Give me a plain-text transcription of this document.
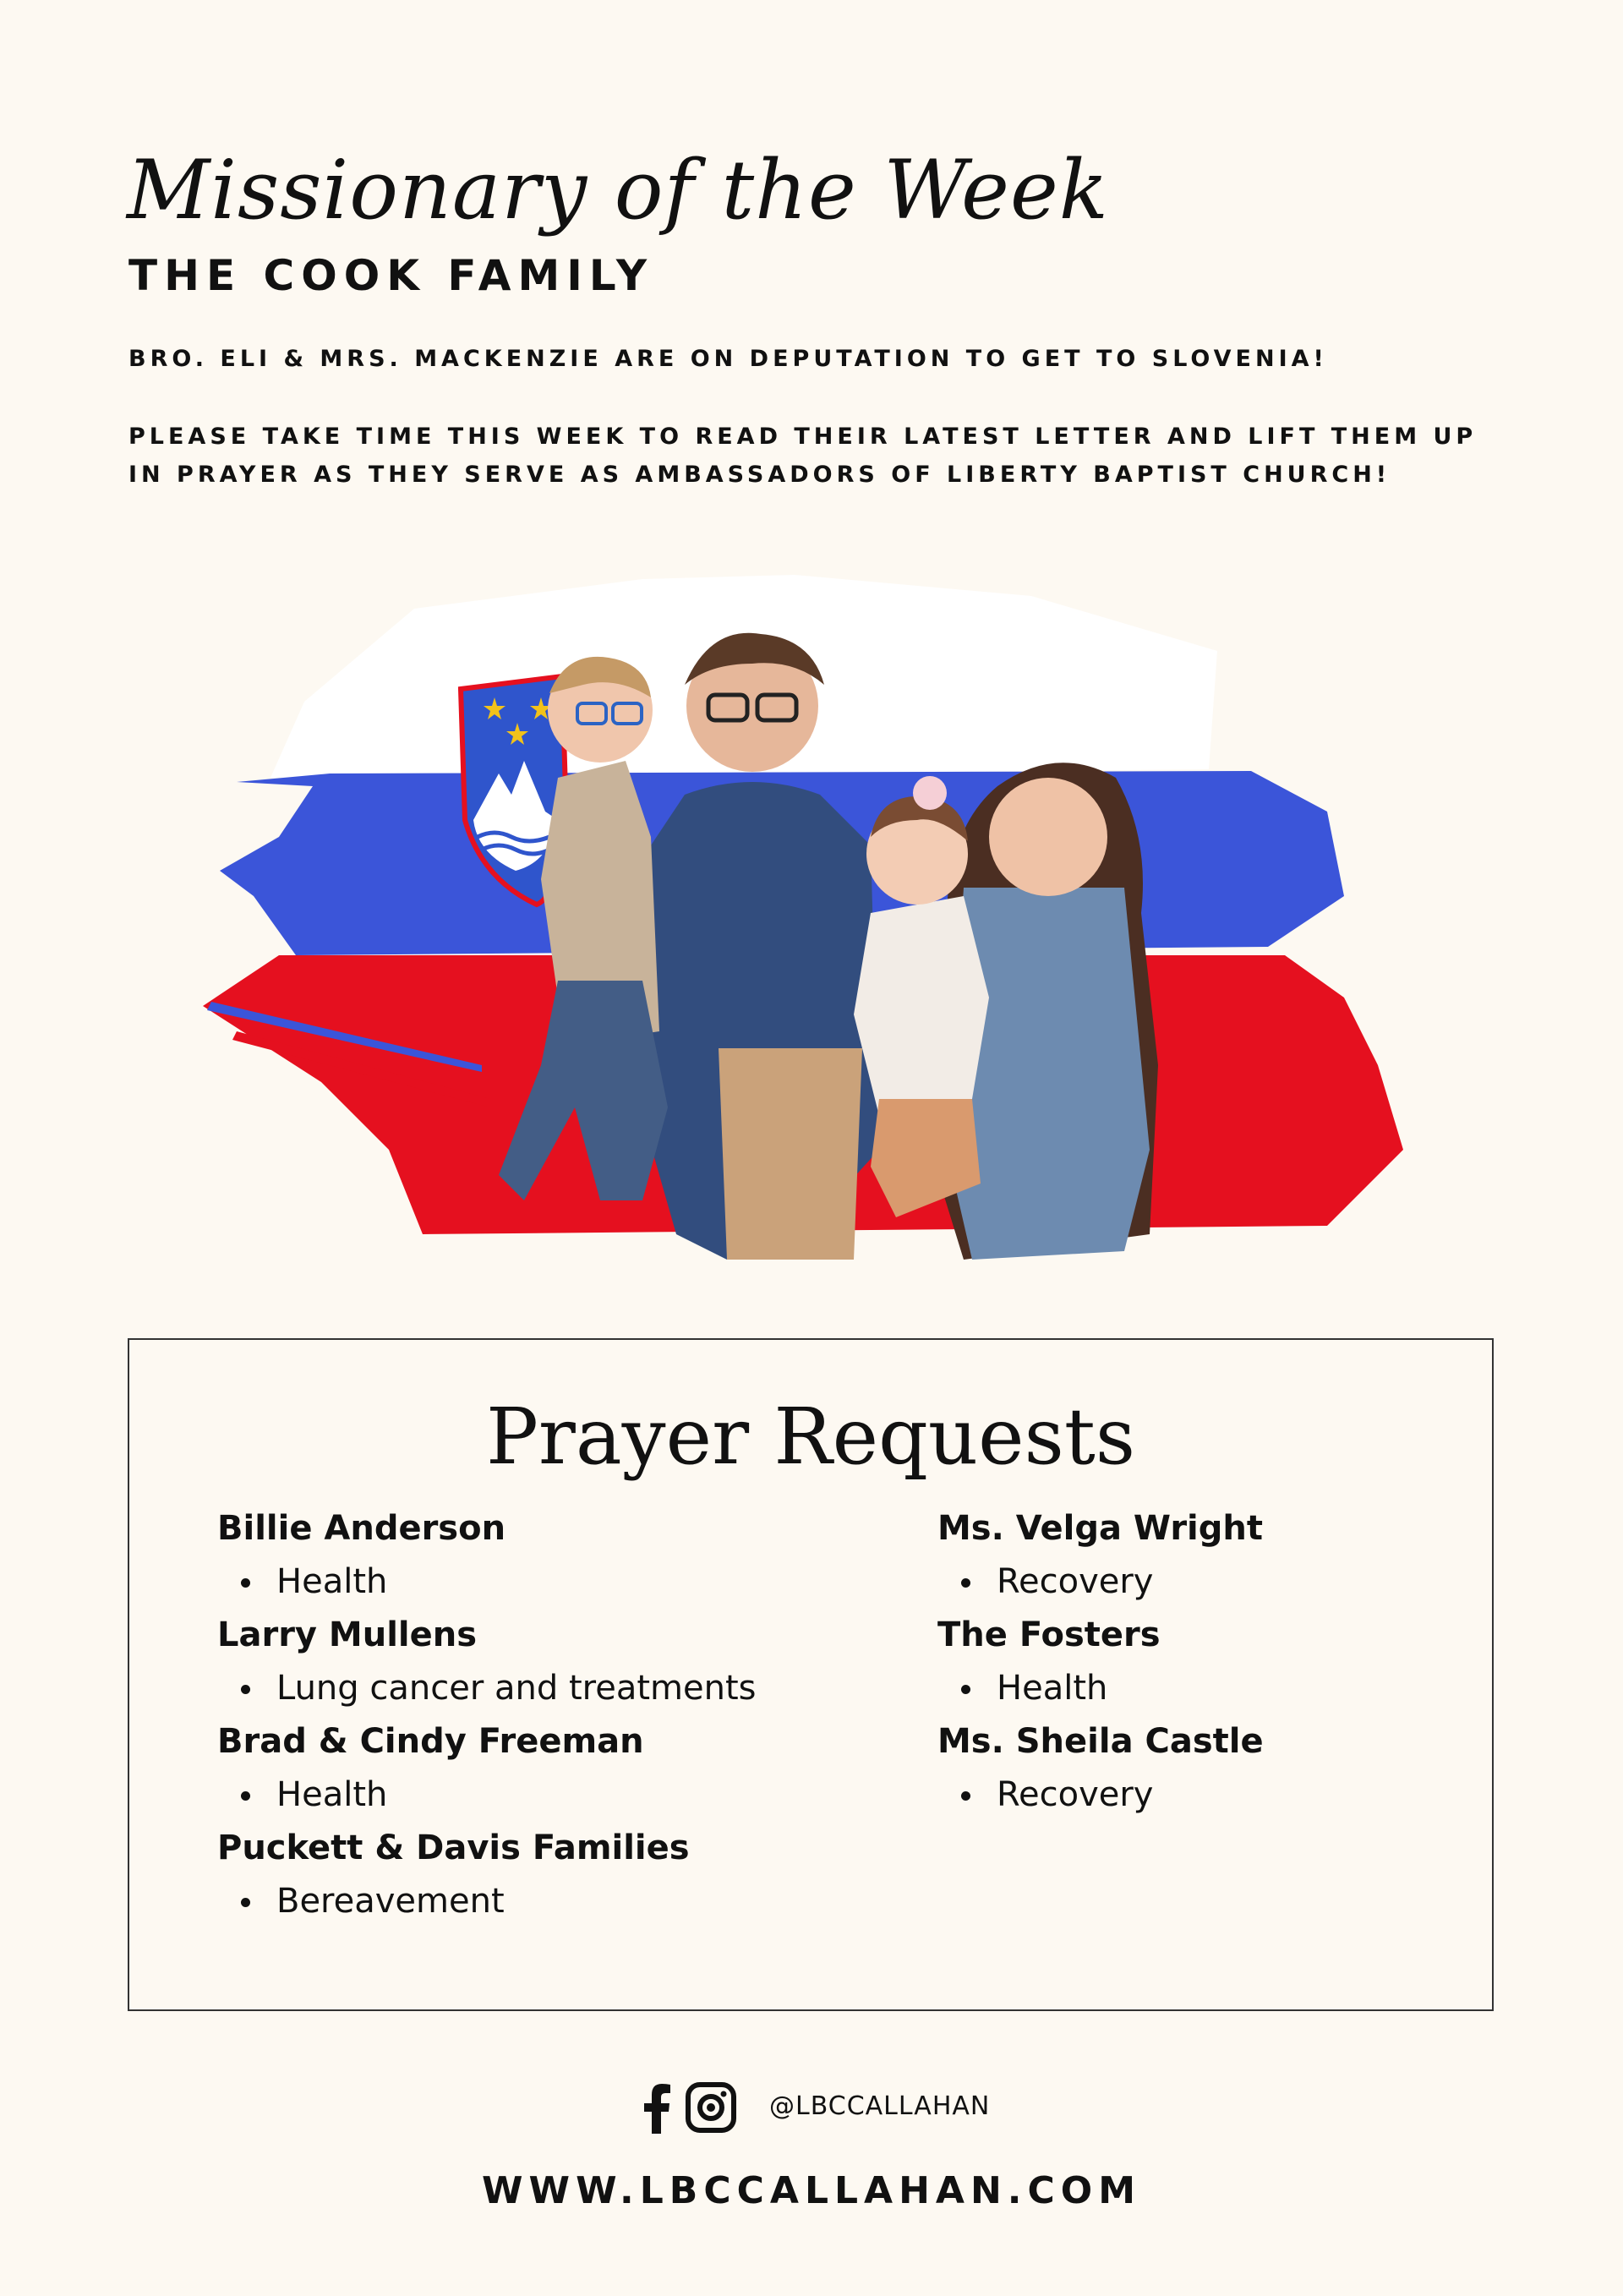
Missionary of the Week
THE COOK FAMILY
BRO. ELI & MRS. MACKENZIE ARE ON DEPUTATION TO GET TO SLOVENIA!
PLEASE TAKE TIME THIS WEEK TO READ THEIR LATEST LETTER AND LIFT THEM UP IN PRAYER AS THEY SERVE AS AMBASSADORS OF LIBERTY BAPTIST CHURCH!
Prayer Requests
Billie Anderson
Health
Larry Mullens
Lung cancer and treatments
Brad & Cindy Freeman
Health
Puckett & Davis Families
Bereavement
Ms. Velga Wright
Recovery
The Fosters
Health
Ms. Sheila Castle
Recovery
@LBCCALLAHAN
WWW.LBCCALLAHAN.COM
